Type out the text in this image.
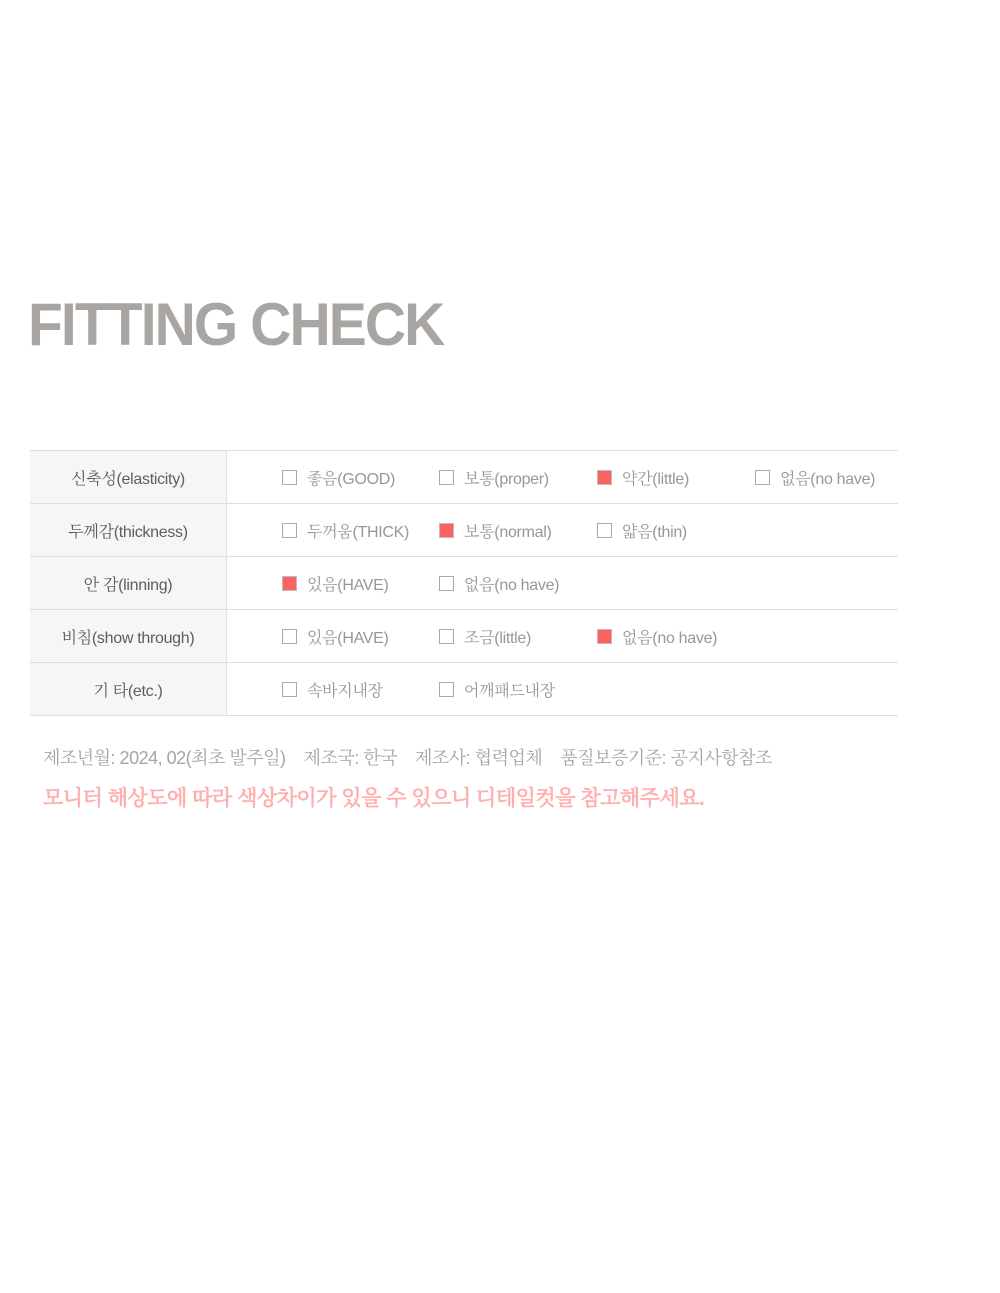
FITTING CHECK
신축성(elasticity)	좋음(GOOD)	보통(proper)	약간(little)	없음(no have)
두께감(thickness)	두꺼움(THICK)	보통(normal)	얇음(thin)
안 감(linning)	있음(HAVE)	없음(no have)
비침(show through)	있음(HAVE)	조금(little)	없음(no have)
기 타(etc.)	속바지내장	어깨패드내장
제조년월: 2024, 02(최초 발주일) 제조국: 한국 제조사: 협력업체 품질보증기준: 공지사항참조
모니터 해상도에 따라 색상차이가 있을 수 있으니 디테일컷을 참고해주세요.
